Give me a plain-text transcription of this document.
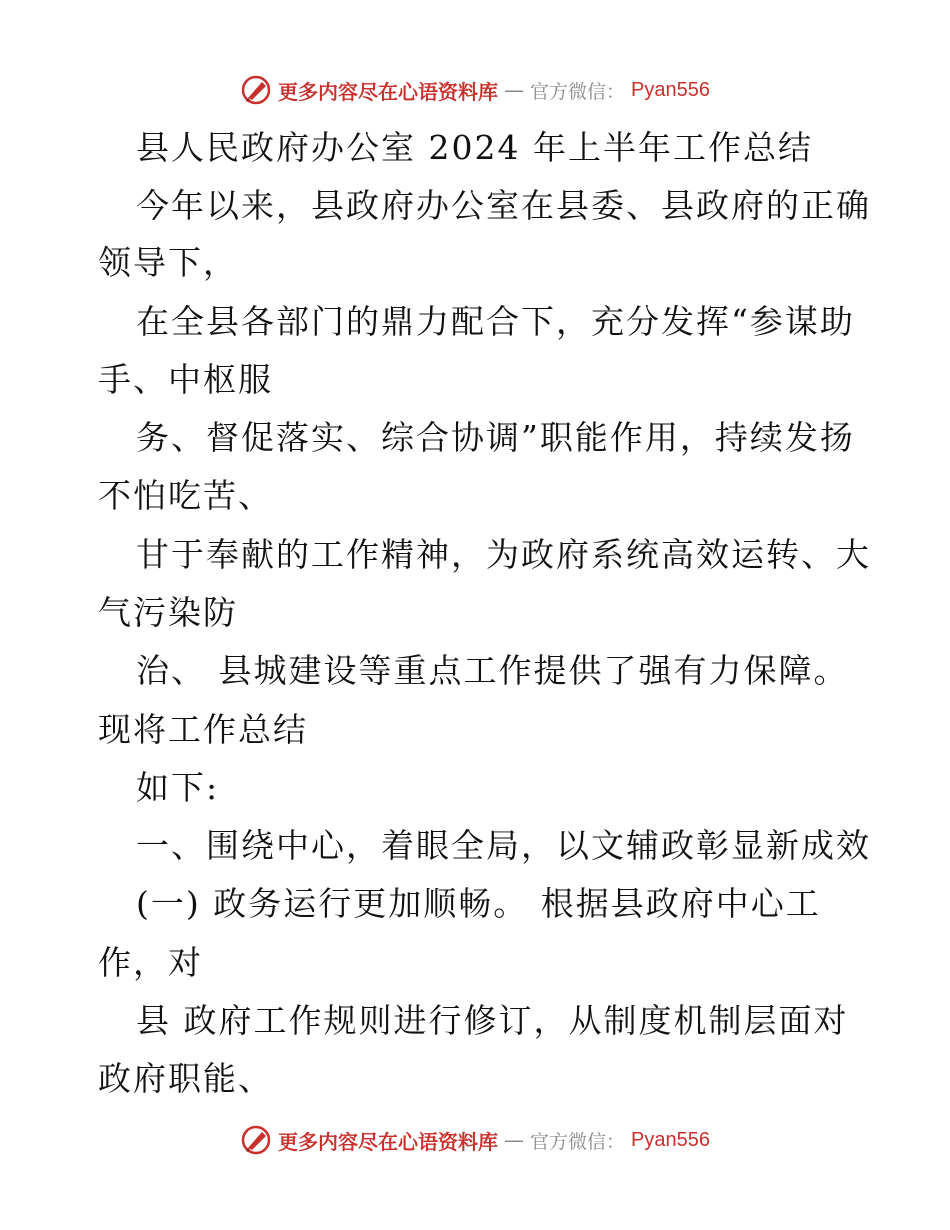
更多内容尽在心语资料库 — 官方微信： Pyan556
县人民政府办公室 2024 年上半年工作总结
今年以来，县政府办公室在县委、县政府的正确
领导下，
在全县各部门的鼎力配合下，充分发挥“参谋助
手、中枢服
务、督促落实、综合协调”职能作用，持续发扬
不怕吃苦、
甘于奉献的工作精神，为政府系统高效运转、大
气污染防
治、 县城建设等重点工作提供了强有力保障。
现将工作总结
如下:
一、围绕中心，着眼全局，以文辅政彰显新成效
(一) 政务运行更加顺畅。 根据县政府中心工
作，对
县 政府工作规则进行修订，从制度机制层面对
政府职能、
更多内容尽在心语资料库 — 官方微信： Pyan556
